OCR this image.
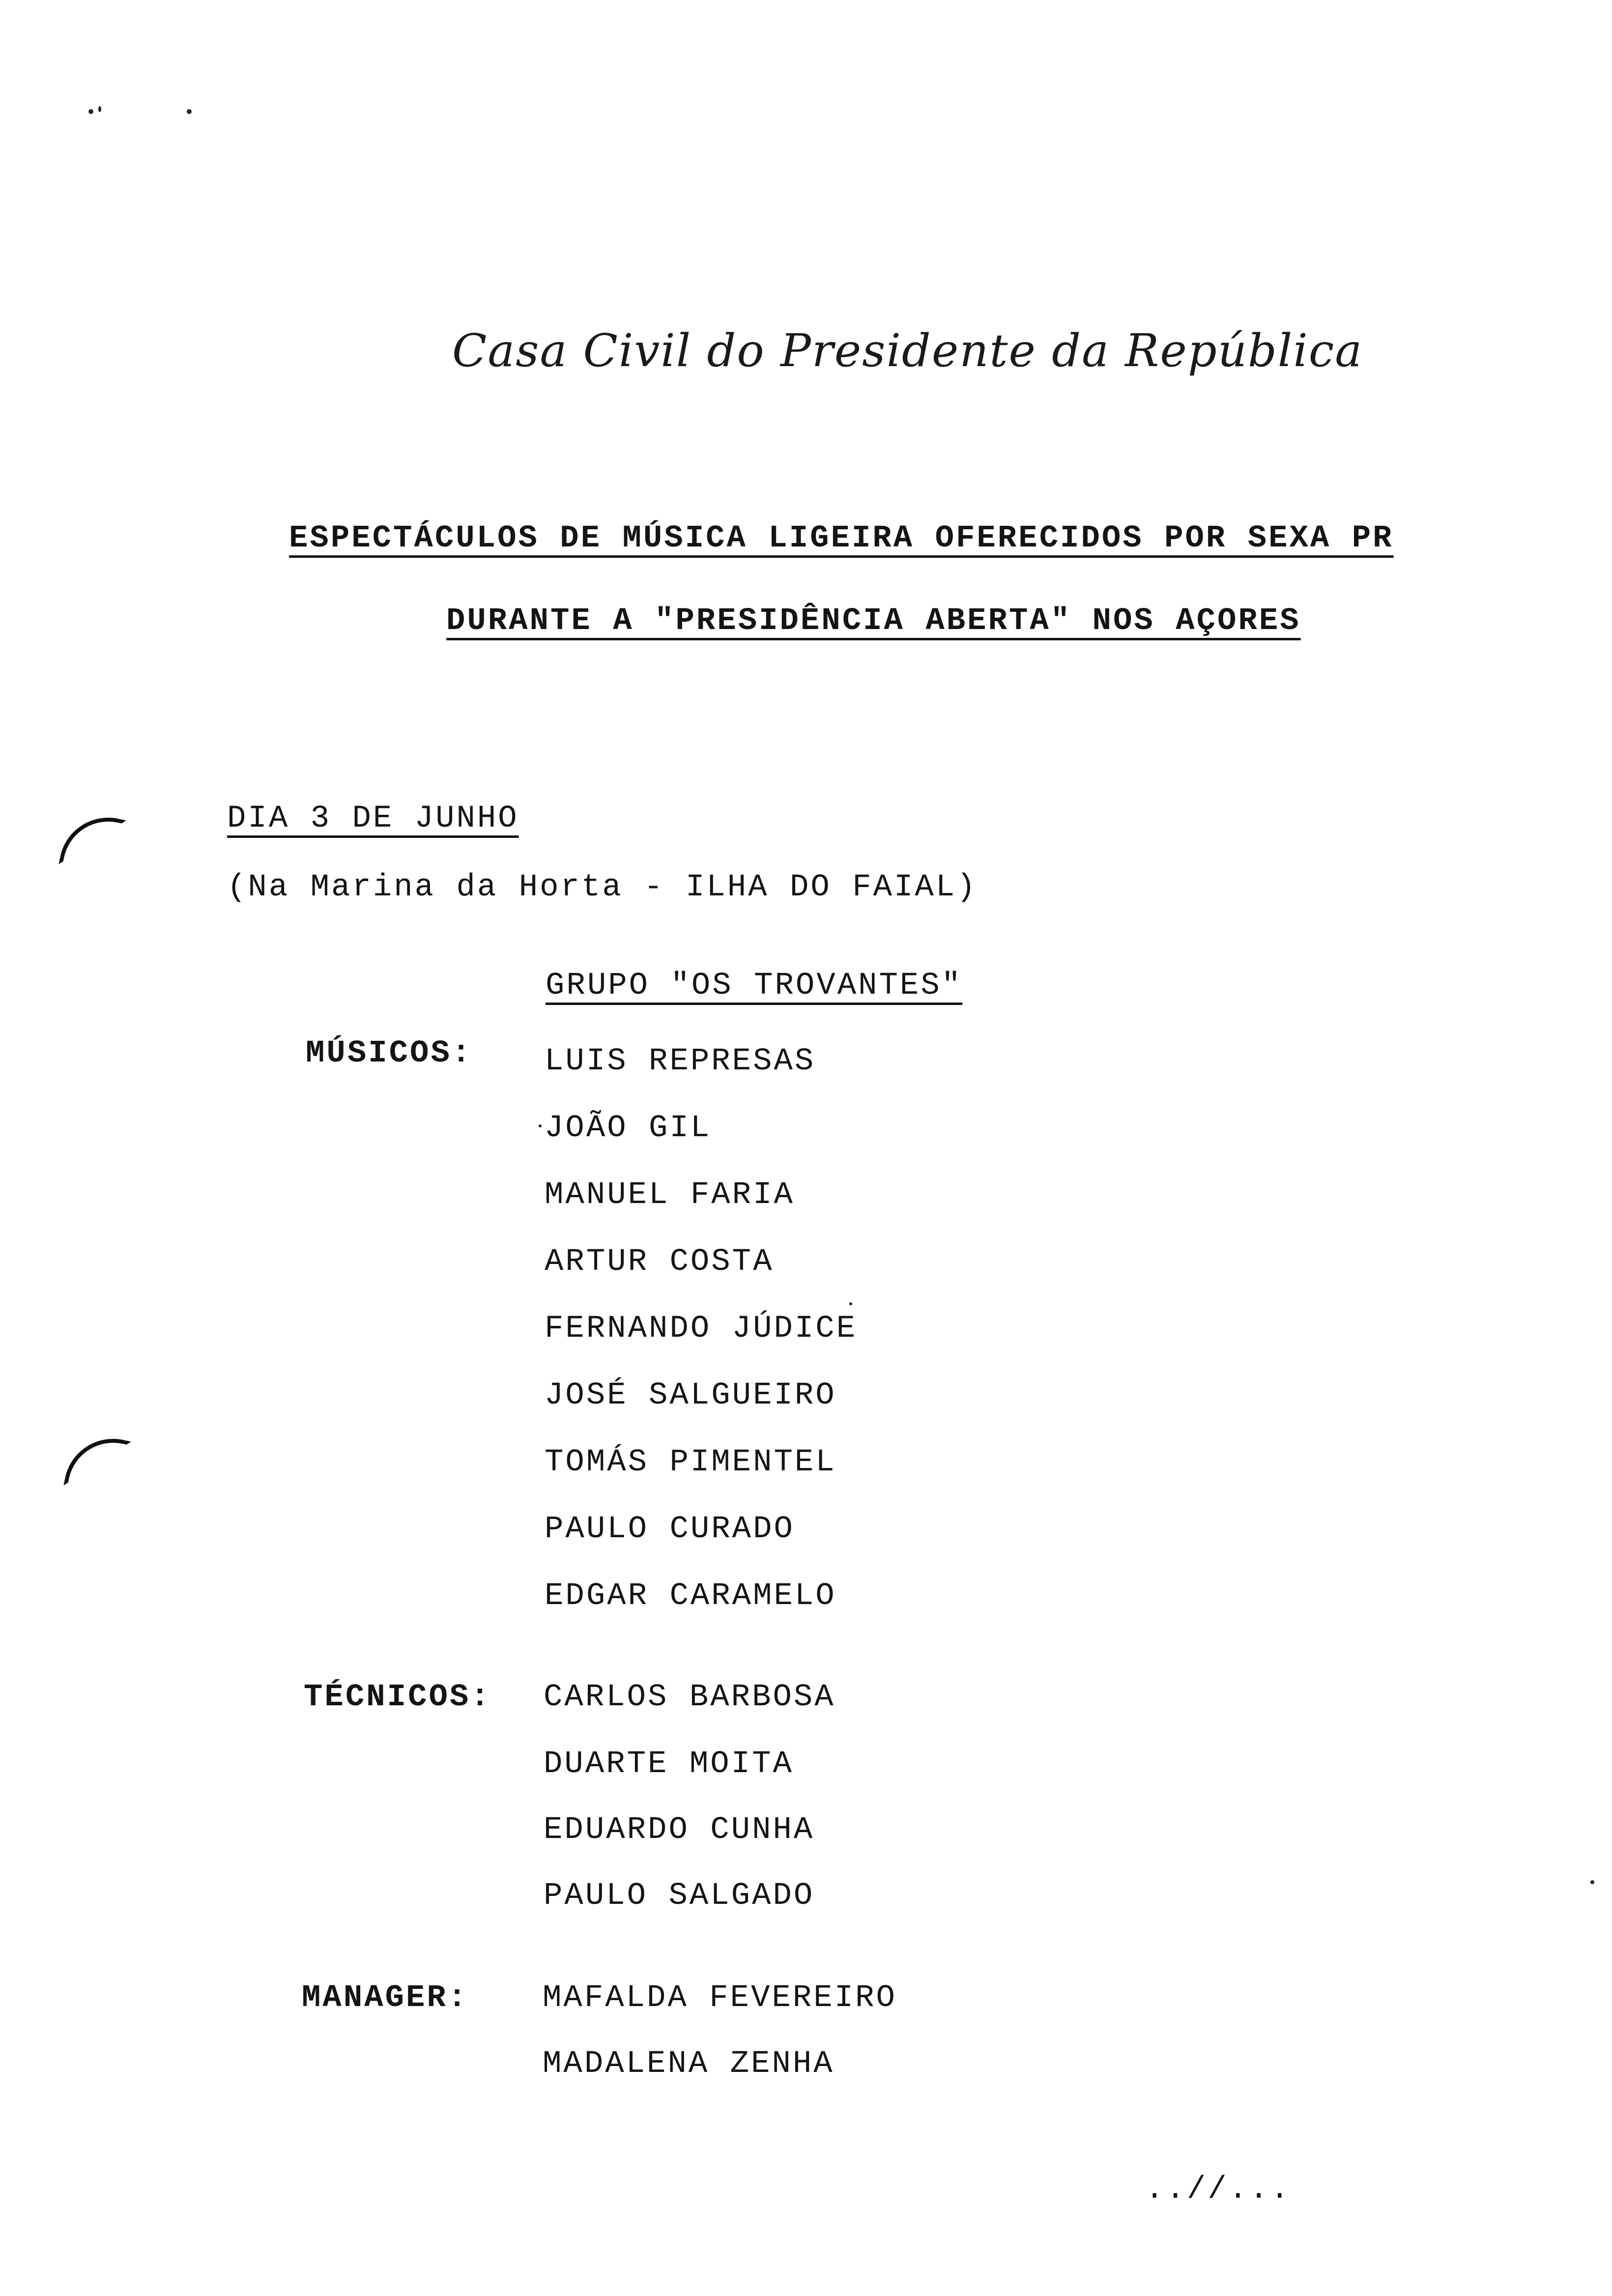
Casa Civil do Presidente da República
ESPECTÁCULOS DE MÚSICA LIGEIRA OFERECIDOS POR SEXA PR
DURANTE A "PRESIDÊNCIA ABERTA" NOS AÇORES
DIA 3 DE JUNHO
(Na Marina da Horta - ILHA DO FAIAL)
GRUPO "OS TROVANTES"
MÚSICOS: LUIS REPRESAS
JOÃO GIL
MANUEL FARIA
ARTUR COSTA
FERNANDO JÚDICE
JOSÉ SALGUEIRO
TOMÁS PIMENTEL
PAULO CURADO
EDGAR CARAMELO
TÉCNICOS: CARLOS BARBOSA
DUARTE MOITA
EDUARDO CUNHA
PAULO SALGADO
MANAGER: MAFALDA FEVEREIRO
MADALENA ZENHA
..//...
